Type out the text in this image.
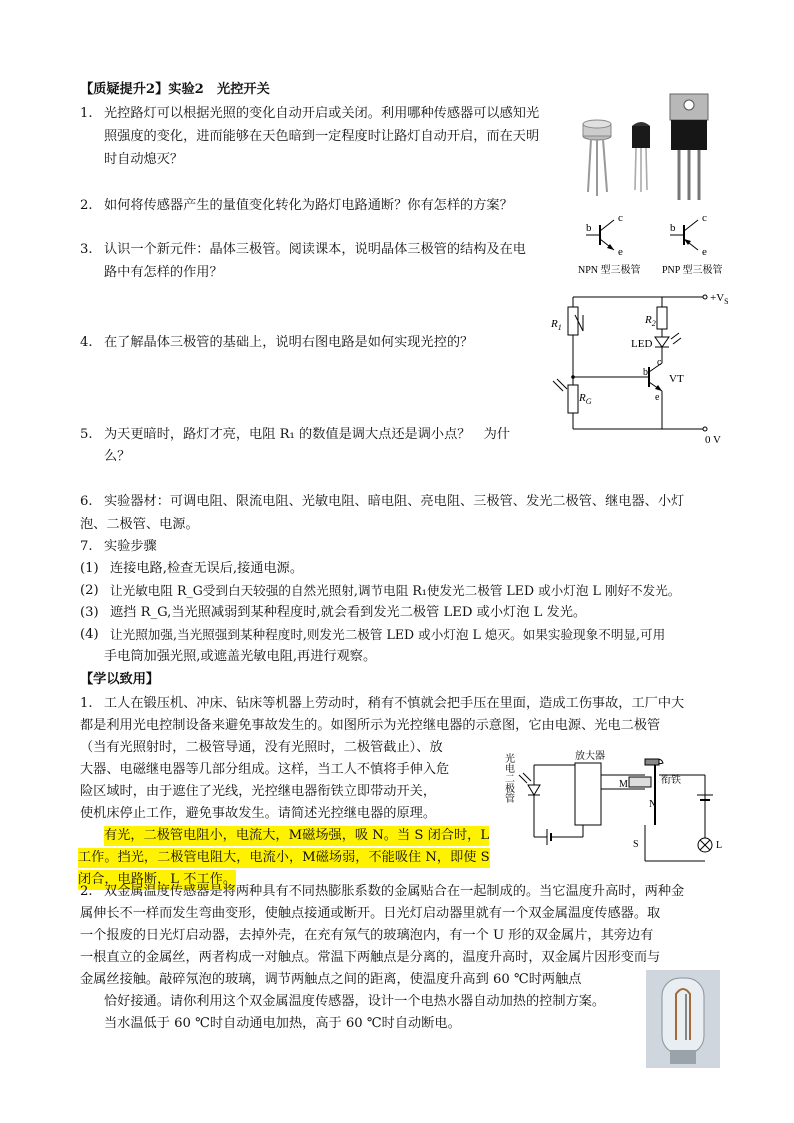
【质疑提升2】实验2　光控开关
1. 光控路灯可以根据光照的变化自动开启或关闭。利用哪种传感器可以感知光
照强度的变化，进而能够在天色暗到一定程度时让路灯自动开启，而在天明
时自动熄灭？
2. 如何将传感器产生的量值变化转化为路灯电路通断？你有怎样的方案？
3. 认识一个新元件：晶体三极管。阅读课本，说明晶体三极管的结构及在电
路中有怎样的作用？
4. 在了解晶体三极管的基础上，说明右图电路是如何实现光控的？
5. 为天更暗时，路灯才亮，电阻 R₁ 的数值是调大点还是调小点？　为什
么？
6. 实验器材：可调电阻、限流电阻、光敏电阻、暗电阻、亮电阻、三极管、发光二极管、继电器、小灯
泡、二极管、电源。
7. 实验步骤
(1) 连接电路,检查无误后,接通电源。
(2) 让光敏电阻 R_G受到白天较强的自然光照射,调节电阻 R₁使发光二极管 LED 或小灯泡 L 刚好不发光。
(3) 遮挡 R_G,当光照减弱到某种程度时,就会看到发光二极管 LED 或小灯泡 L 发光。
(4) 让光照加强,当光照强到某种程度时,则发光二极管 LED 或小灯泡 L 熄灭。如果实验现象不明显,可用
手电筒加强光照,或遮盖光敏电阻,再进行观察。
【学以致用】
1. 工人在锻压机、冲床、钻床等机器上劳动时，稍有不慎就会把手压在里面，造成工伤事故，工厂中大
都是利用光电控制设备来避免事故发生的。如图所示为光控继电器的示意图，它由电源、光电二极管
（当有光照射时，二极管导通，没有光照时，二极管截止）、放
大器、电磁继电器等几部分组成。这样，当工人不慎将手伸入危
险区域时，由于遮住了光线，光控继电器衔铁立即带动开关，
使机床停止工作，避免事故发生。请简述光控继电器的原理。
有光，二极管电阻小，电流大，M磁场强，吸 N。当 S 闭合时，L
工作。挡光，二极管电阻大，电流小，M磁场弱，不能吸住 N，即使 S
闭合，电路断，L 不工作。
2. 双金属温度传感器是将两种具有不同热膨胀系数的金属贴合在一起制成的。当它温度升高时，两种金
属伸长不一样而发生弯曲变形，使触点接通或断开。日光灯启动器里就有一个双金属温度传感器。取
一个报废的日光灯启动器，去掉外壳，在充有氖气的玻璃泡内，有一个 U 形的双金属片，其旁边有
一根直立的金属丝，两者构成一对触点。常温下两触点是分离的，温度升高时，双金属片因形变而与
金属丝接触。敲碎氖泡的玻璃，调节两触点之间的距离，使温度升高到 60 ℃时两触点
恰好接通。请你利用这个双金属温度传感器，设计一个电热水器自动加热的控制方案。
当水温低于 60 ℃时自动通电加热，高于 60 ℃时自动断电。
b
c
e
NPN 型三极管
b
c
e
PNP 型三极管
$+V_S$
0 V
$R_1$
$R_G$
$R_2$
LED
c
b
e
VT
光电二极管	放大器
M	衔铁
N
S	L
